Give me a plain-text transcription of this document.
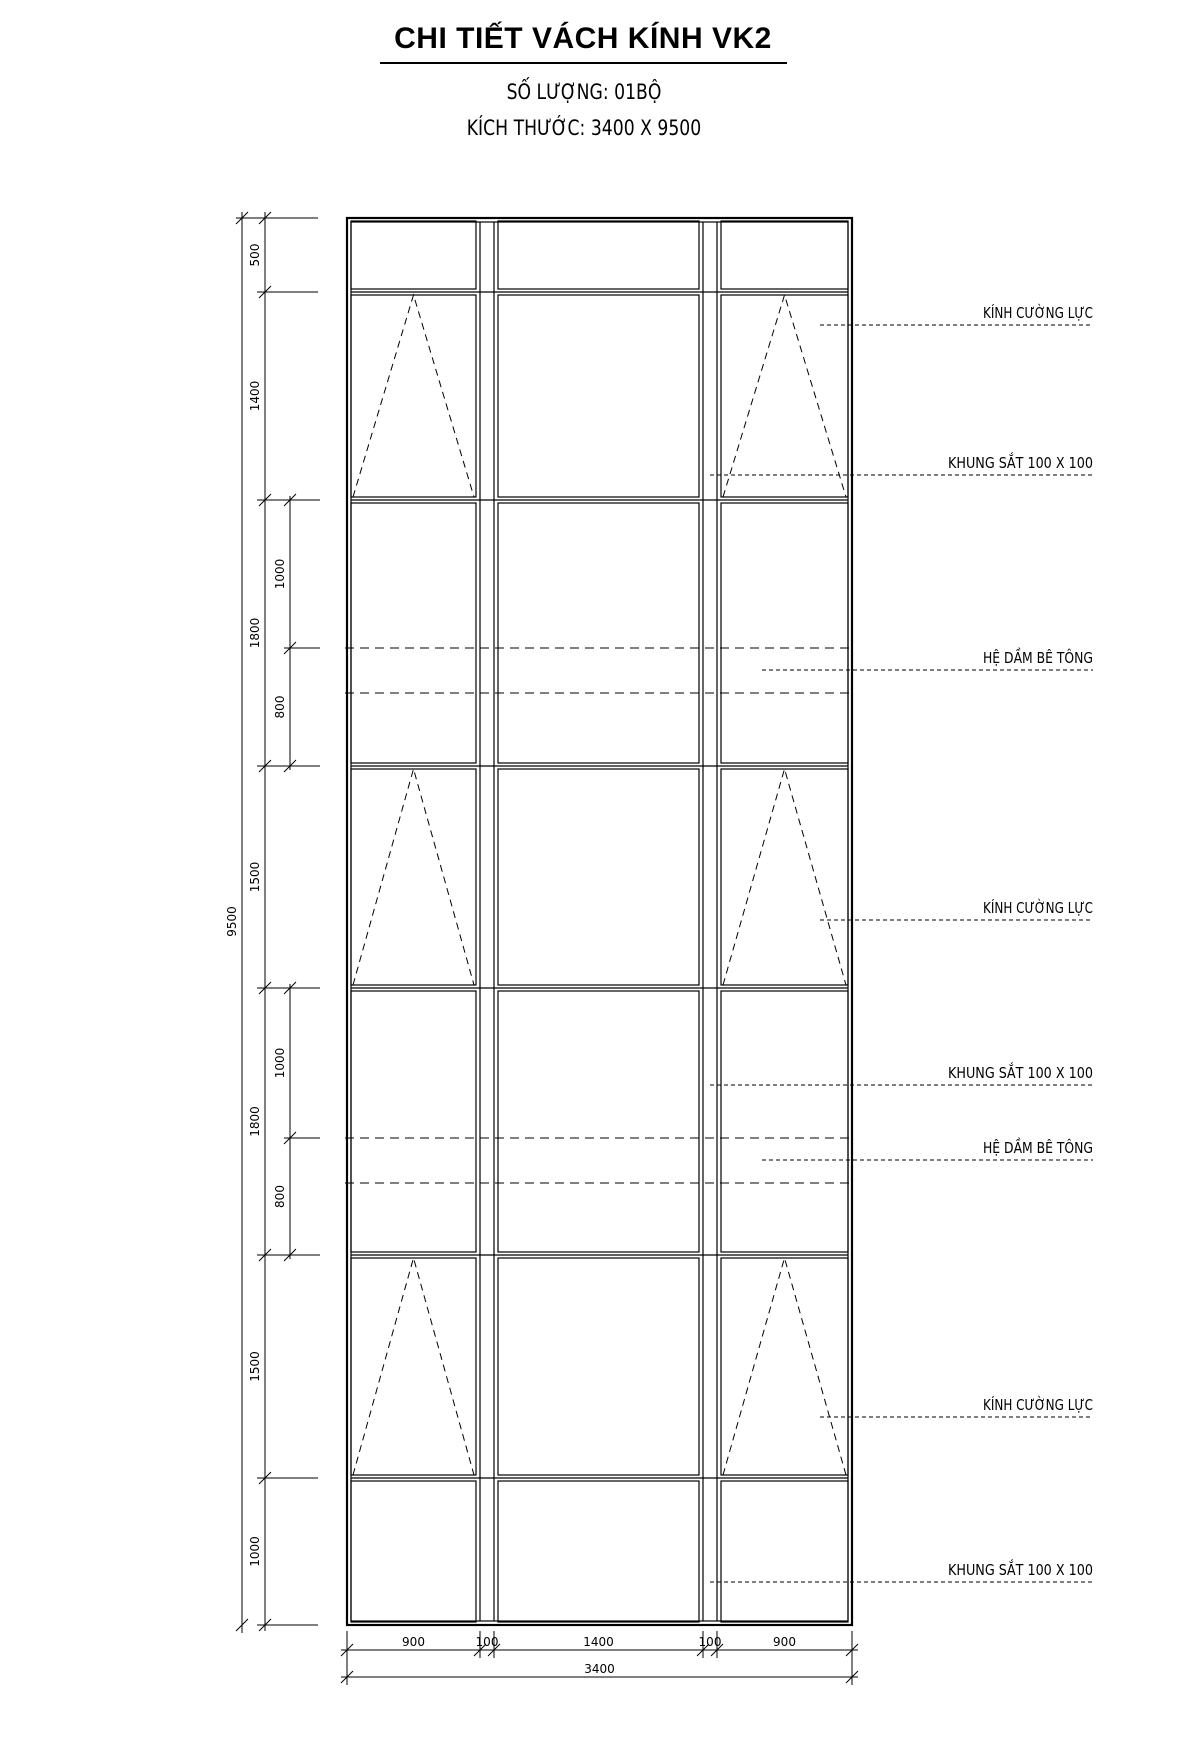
CHI TIẾT VÁCH KÍNH VK2
SỐ LƯỢNG: 01BỘ
KÍCH THƯỚC: 3400 X 9500
9500
500
1400
1800
1500
1800
1500
1000
1000
800
1000
800
900	100	1400	100	900
3400
KÍNH CƯỜNG LỰC
KHUNG SẮT 100 X 100
HỆ DẦM BÊ TÔNG
KÍNH CƯỜNG LỰC
KHUNG SẮT 100 X 100
HỆ DẦM BÊ TÔNG
KÍNH CƯỜNG LỰC
KHUNG SẮT 100 X 100
